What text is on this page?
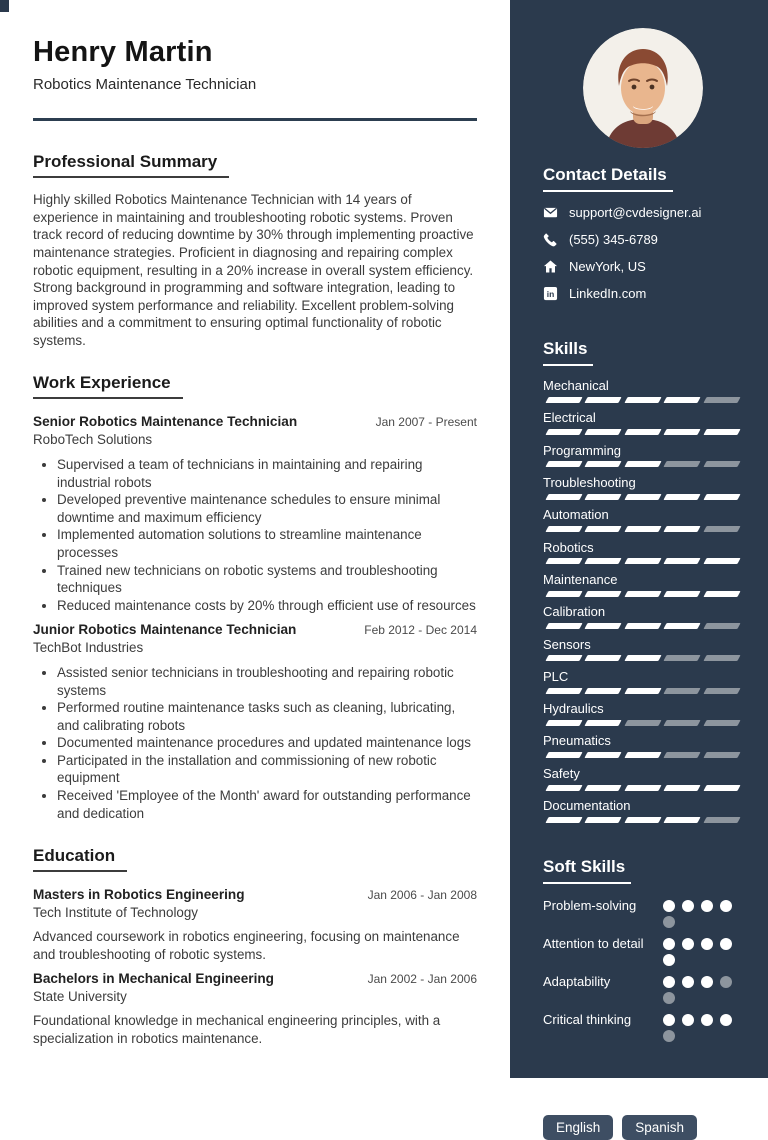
Henry Martin
Robotics Maintenance Technician
Professional Summary

Highly skilled Robotics Maintenance Technician with 14 years of experience in maintaining and troubleshooting robotic systems. Proven track record of reducing downtime by 30% through implementing proactive maintenance strategies. Proficient in diagnosing and repairing complex robotic equipment, resulting in a 20% increase in overall system efficiency. Strong background in programming and software integration, leading to improved system performance and reliability. Excellent problem-solving abilities and a commitment to ensuring optimal functionality of robotic systems.

Work Experience
Senior Robotics Maintenance Technician	Jan 2007 - Present
RoboTech Solutions
• Supervised a team of technicians in maintaining and repairing industrial robots
• Developed preventive maintenance schedules to ensure minimal downtime and maximum efficiency
• Implemented automation solutions to streamline maintenance processes
• Trained new technicians on robotic systems and troubleshooting techniques
• Reduced maintenance costs by 20% through efficient use of resources
Junior Robotics Maintenance Technician	Feb 2012 - Dec 2014
TechBot Industries
• Assisted senior technicians in troubleshooting and repairing robotic systems
• Performed routine maintenance tasks such as cleaning, lubricating, and calibrating robots
• Documented maintenance procedures and updated maintenance logs
• Participated in the installation and commissioning of new robotic equipment
• Received 'Employee of the Month' award for outstanding performance and dedication
Education
Masters in Robotics Engineering	Jan 2006 - Jan 2008
Tech Institute of Technology

Advanced coursework in robotics engineering, focusing on maintenance and troubleshooting of robotic systems.

Bachelors in Mechanical Engineering	Jan 2002 - Jan 2006
State University

Foundational knowledge in mechanical engineering principles, with a specialization in robotics maintenance.

Contact Details
support@cvdesigner.ai
(555) 345-6789
NewYork, US
in LinkedIn.com
Skills
Mechanical
Electrical
Programming
Troubleshooting
Automation
Robotics
Maintenance
Calibration
Sensors
PLC
Hydraulics
Pneumatics
Safety
Documentation
Soft Skills
Problem-solving
Attention to detail
Adaptability
Critical thinking
Languages
English	Spanish
